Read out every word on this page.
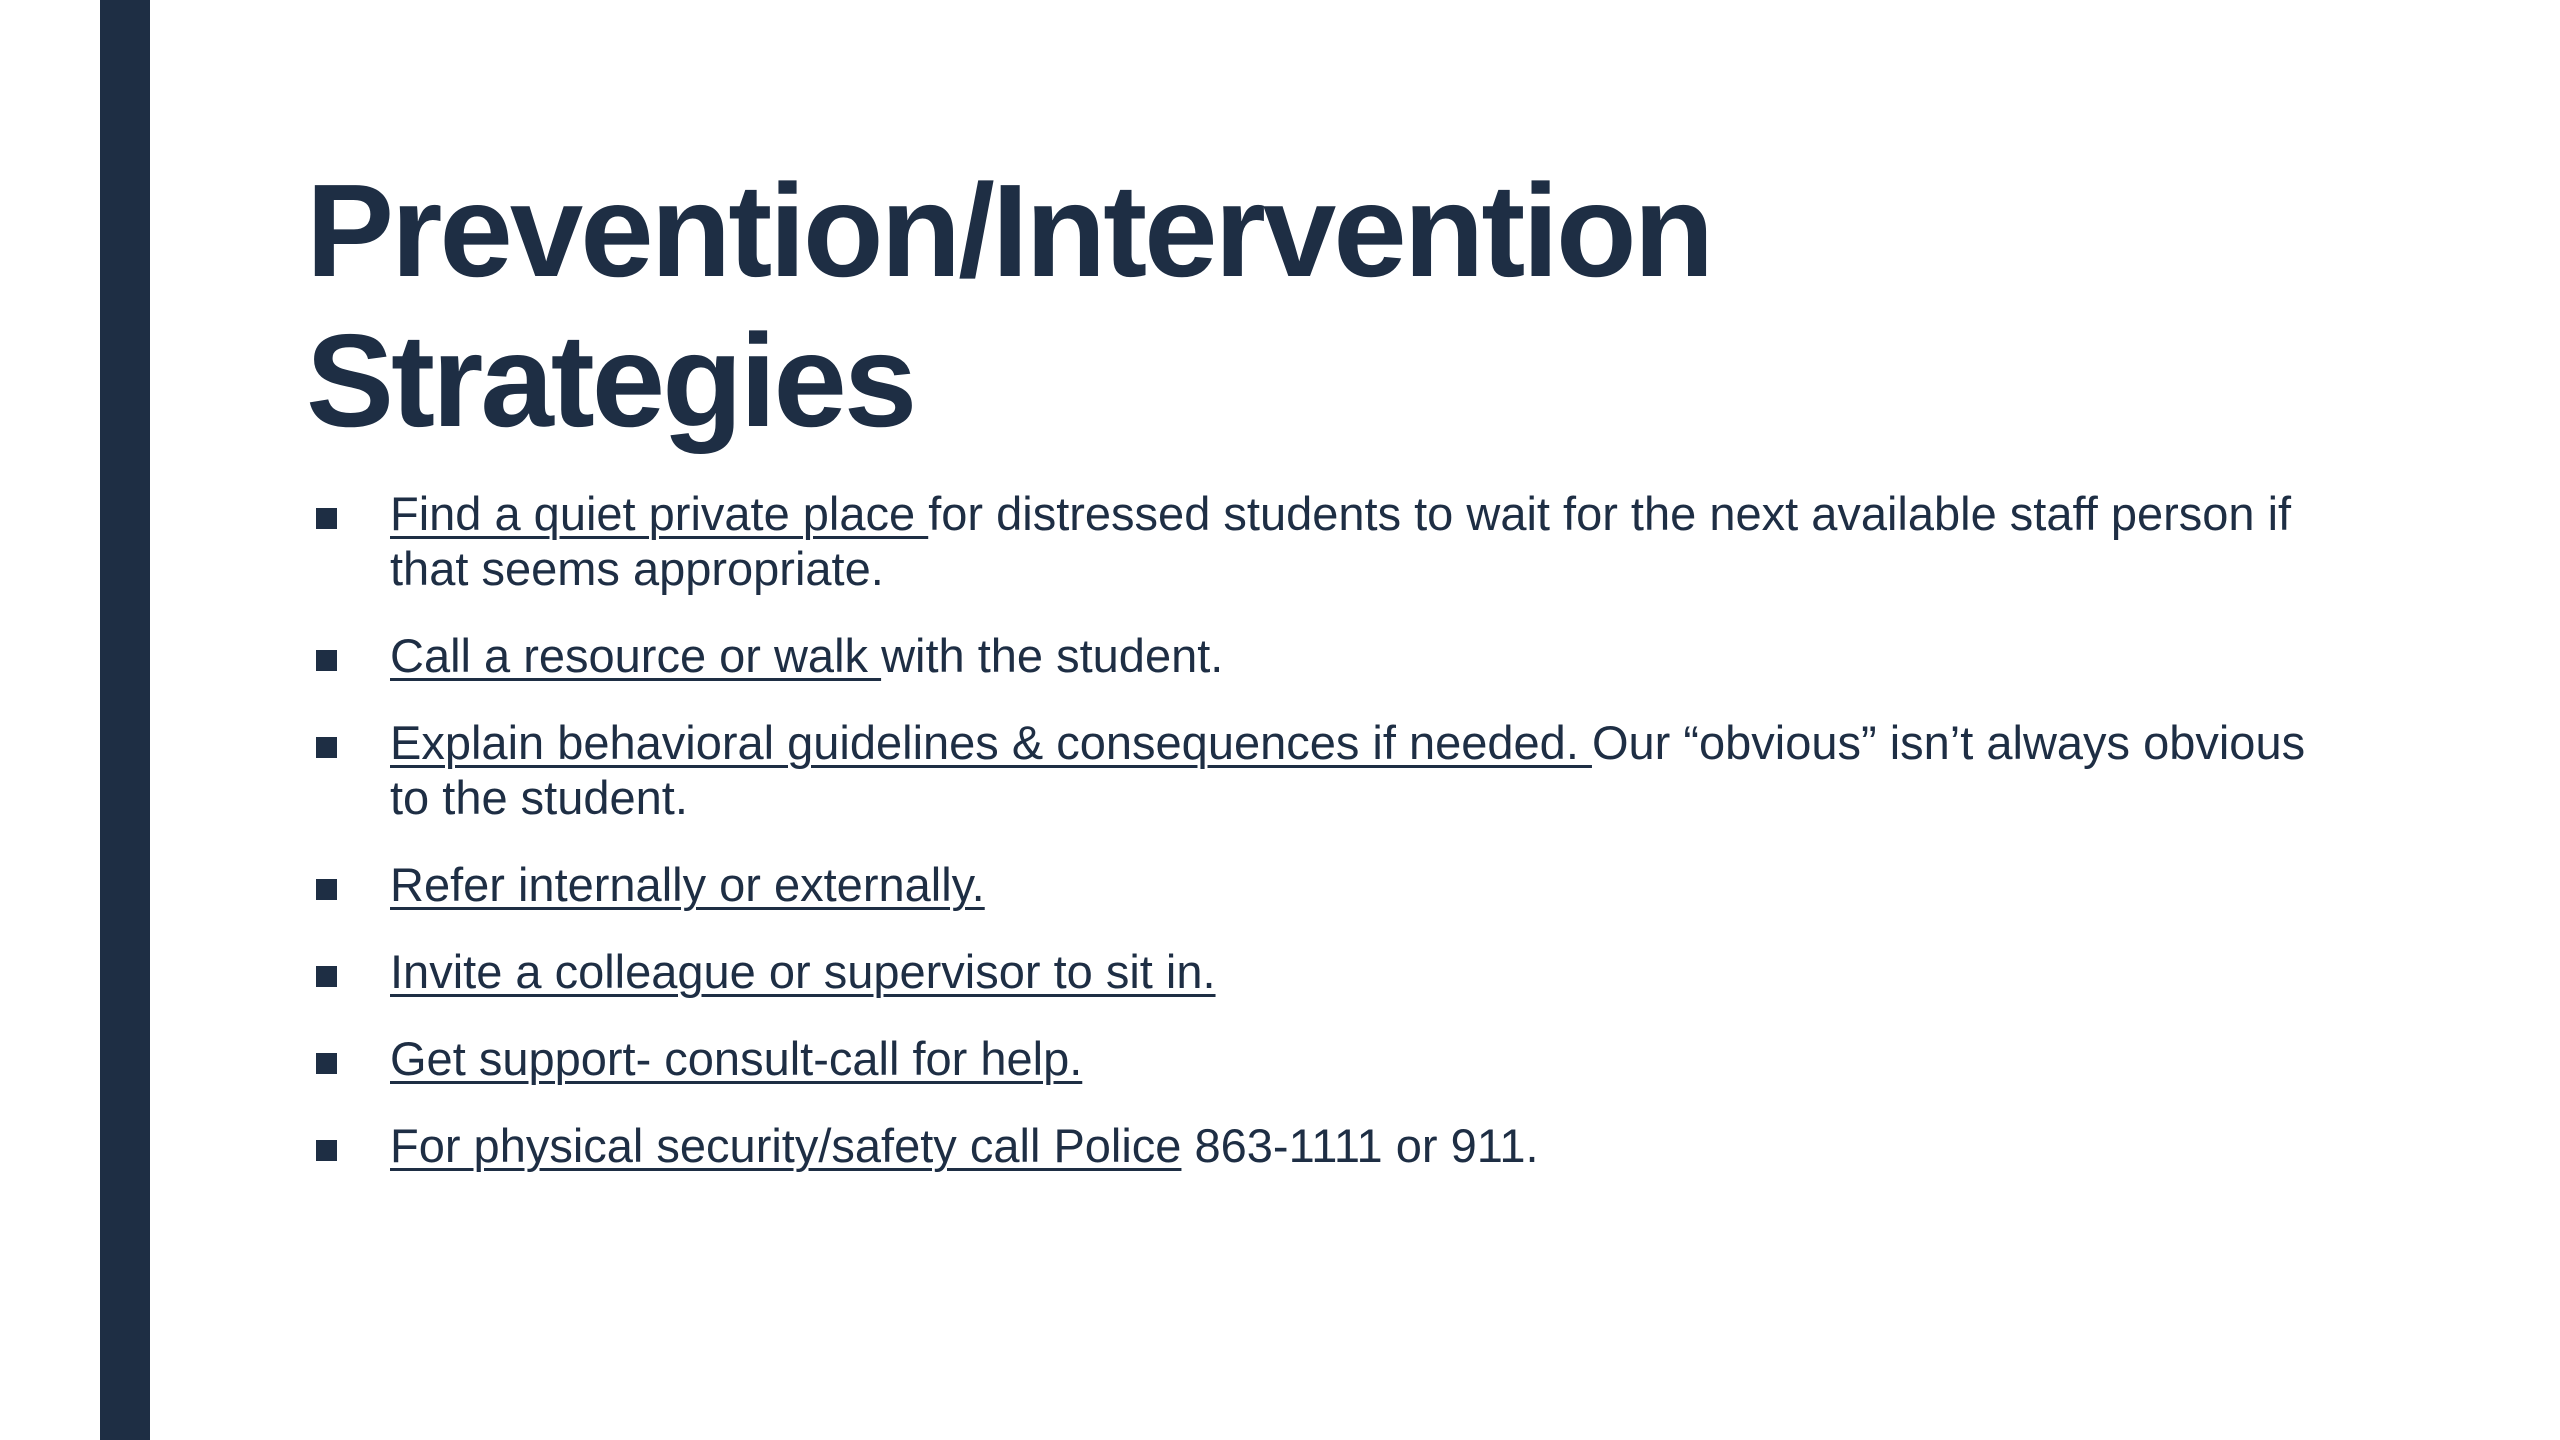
Prevention/Intervention
Strategies
Find a quiet private place for distressed students to wait for the next available staff person if that seems appropriate.
Call a resource or walk with the student.
Explain behavioral guidelines & consequences if needed. Our “obvious” isn’t always obvious to the student.
Refer internally or externally.
Invite a colleague or supervisor to sit in.
Get support- consult-call for help.
For physical security/safety call Police 863-1111 or 911.
